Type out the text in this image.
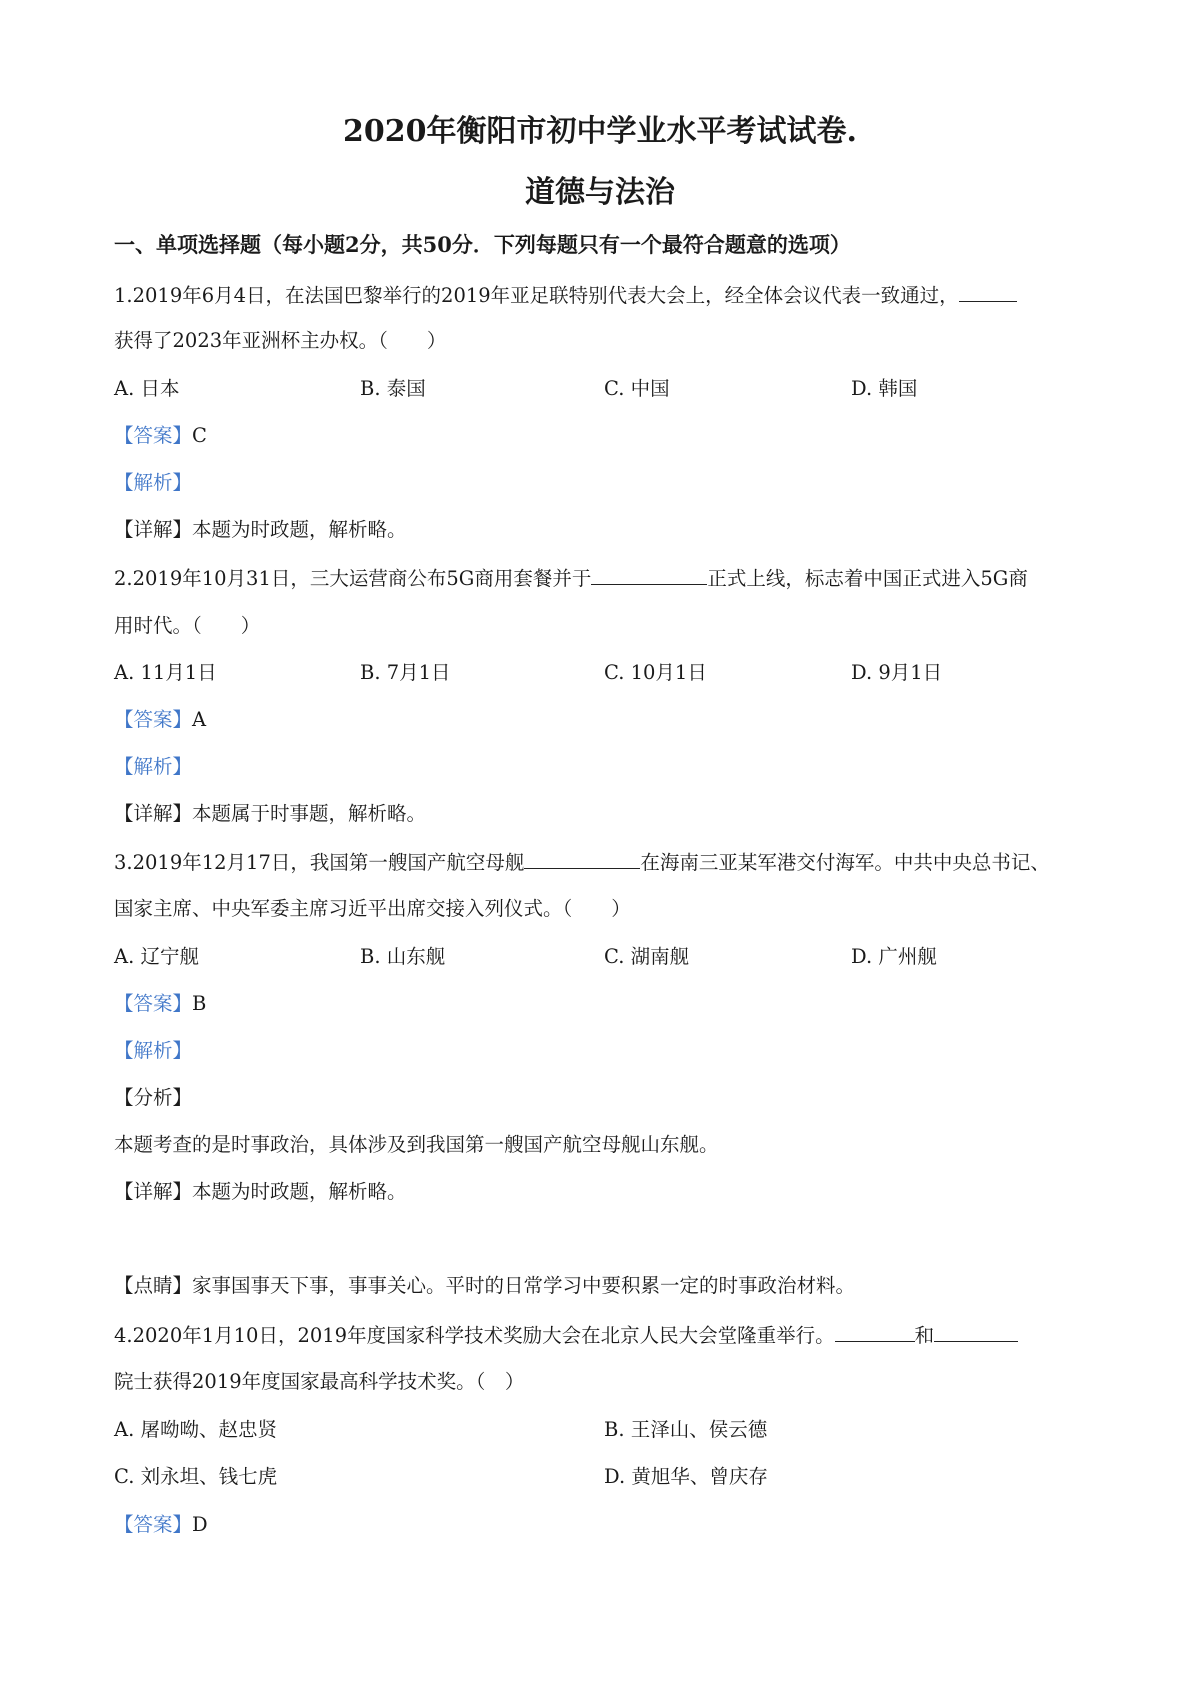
2020年衡阳市初中学业水平考试试卷.
道德与法治
一、单项选择题（每小题2分，共50分．下列每题只有一个最符合题意的选项）
1.2019年6月4日，在法国巴黎举行的2019年亚足联特别代表大会上，经全体会议代表一致通过，
获得了2023年亚洲杯主办权。（　　）
A. 日本	B. 泰国	C. 中国	D. 韩国
【答案】C
【解析】
【详解】本题为时政题，解析略。
2.2019年10月31日，三大运营商公布5G商用套餐并于	正式上线，标志着中国正式进入5G商
用时代。（　　）
A. 11月1日	B. 7月1日	C. 10月1日	D. 9月1日
【答案】A
【解析】
【详解】本题属于时事题，解析略。
3.2019年12月17日，我国第一艘国产航空母舰	在海南三亚某军港交付海军。中共中央总书记、
国家主席、中央军委主席习近平出席交接入列仪式。（　　）
A. 辽宁舰	B. 山东舰	C. 湖南舰	D. 广州舰
【答案】B
【解析】
【分析】
本题考查的是时事政治，具体涉及到我国第一艘国产航空母舰山东舰。
【详解】本题为时政题，解析略。
【点睛】家事国事天下事，事事关心。平时的日常学习中要积累一定的时事政治材料。
4.2020年1月10日，2019年度国家科学技术奖励大会在北京人民大会堂隆重举行。	和
院士获得2019年度国家最高科学技术奖。（　）
A. 屠呦呦、赵忠贤	B. 王泽山、侯云德
C. 刘永坦、钱七虎	D. 黄旭华、曾庆存
【答案】D
